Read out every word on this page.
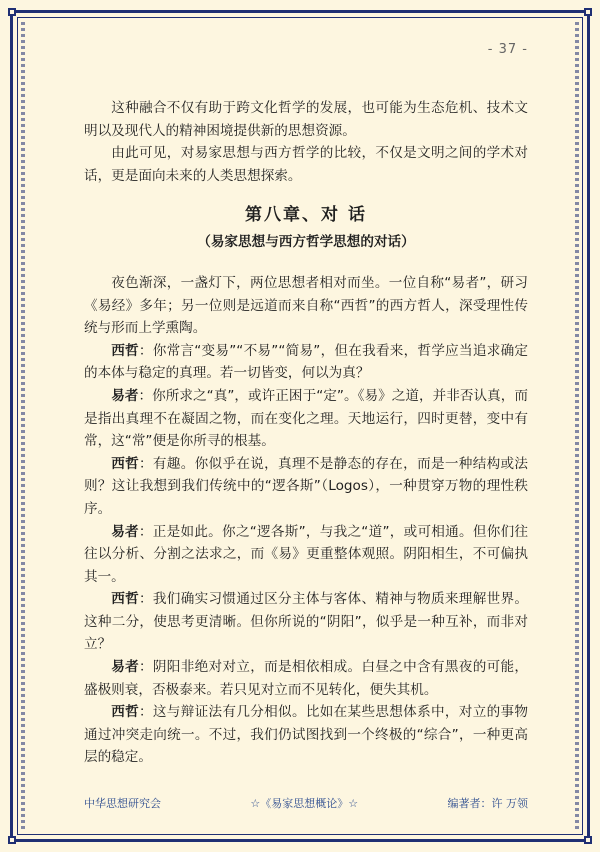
- 37 -

这种融合不仅有助于跨文化哲学的发展，也可能为生态危机、技术文明以及现代人的精神困境提供新的思想资源。

由此可见，对易家思想与西方哲学的比较，不仅是文明之间的学术对话，更是面向未来的人类思想探索。

第八章、对 话
（易家思想与西方哲学思想的对话）

夜色渐深，一盏灯下，两位思想者相对而坐。一位自称“易者”，研习《易经》多年；另一位则是远道而来自称“西哲”的西方哲人，深受理性传统与形而上学熏陶。

西哲：你常言“变易”“不易”“简易”，但在我看来，哲学应当追求确定的本体与稳定的真理。若一切皆变，何以为真？

易者：你所求之“真”，或许正困于“定”。《易》之道，并非否认真，而是指出真理不在凝固之物，而在变化之理。天地运行，四时更替，变中有常，这“常”便是你所寻的根基。

西哲：有趣。你似乎在说，真理不是静态的存在，而是一种结构或法则？这让我想到我们传统中的“逻各斯”（Logos），一种贯穿万物的理性秩序。

易者：正是如此。你之“逻各斯”，与我之“道”，或可相通。但你们往往以分析、分割之法求之，而《易》更重整体观照。阴阳相生，不可偏执其一。

西哲：我们确实习惯通过区分主体与客体、精神与物质来理解世界。这种二分，使思考更清晰。但你所说的“阴阳”，似乎是一种互补，而非对立？

易者：阴阳非绝对对立，而是相依相成。白昼之中含有黑夜的可能，盛极则衰，否极泰来。若只见对立而不见转化，便失其机。

西哲：这与辩证法有几分相似。比如在某些思想体系中，对立的事物通过冲突走向统一。不过，我们仍试图找到一个终极的“综合”，一种更高层的稳定。

中华思想研究会	☆《易家思想概论》☆	编著者：许 万领
